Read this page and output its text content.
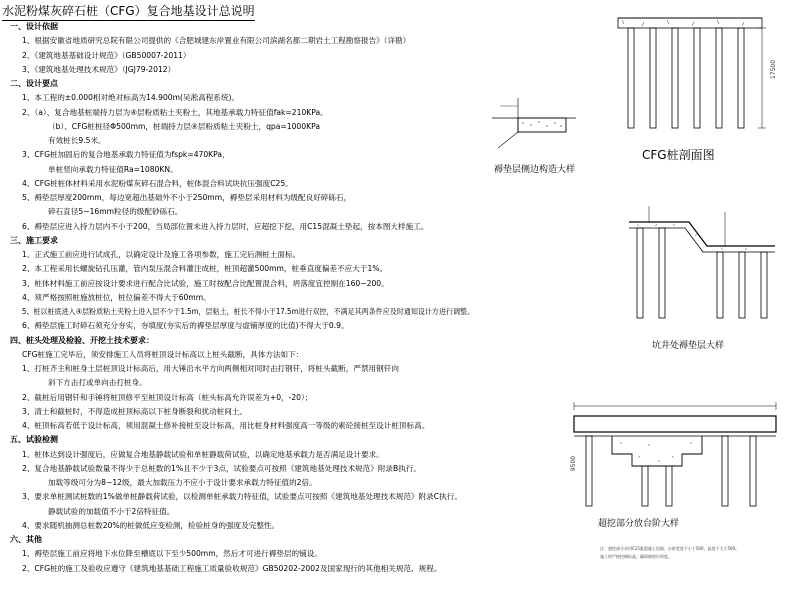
水泥粉煤灰碎石桩（CFG）复合地基设计总说明
一、设计依据
1、根据安徽省地质研究总院有限公司提供的《合肥城建东岸置业有限公司滨湖名都二期岩土工程勘察报告》（详勘）
2、《建筑地基基础设计规范》（GB50007-2011）
3、《建筑地基处理技术规范》（JGJ79-2012）
二、设计要点
1、本工程的±0.000相对绝对标高为14.900m(吴淞高程系统)。
2、（a）、复合地基桩端持力层为④层粉质粘土夹粉土，其地基承载力特征值fak=210KPa。
（b）、CFG桩桩径Φ500mm，桩端持力层④层粉质粘土夹粉土，qpa=1000KPa
有效桩长9.5米。
3、CFG桩加固后的复合地基承载力特征值为fspk=470KPa，
单桩竖向承载力特征值Ra=1080KN。
4、CFG桩桩体材料采用水泥粉煤灰碎石混合料，桩体混合料试块抗压强度C25。
5、褥垫层厚度200mm，每边宽超出基础外不小于250mm，褥垫层采用材料为级配良好碎砾石，
碎石直径5~16mm粒径的级配砂砾石。
6、褥垫层应进入持力层内不小于200，当局部位置未进入持力层时，应超挖下挖，用C15混凝土垫起，按本图大样施工。
三、施工要求
1、正式施工前应进行试成孔，以确定设计及施工各项参数，施工完后测桩土面标。
2、本工程采用长螺旋钻孔压灌，管内泵压混合料灌注成桩，桩顶超灌500mm，桩垂直度偏差不应大于1%。
3、桩体材料施工前应按设计要求进行配合比试验，施工时按配合比配置混合料，坍落度宜控制在160~200。
4、须严格按照桩施放桩位，桩位偏差不得大于60mm。
5、桩以桩底进入④层粉质粘土夹粉土进入层不少于1.5m，层粘土，桩长不得小于17.5m进行双控，不满足其两条件应及时通知设计方进行调整。
6、褥垫层施工时碎石须充分夯实，夯填度(夯实后的褥垫层厚度与虚铺厚度的比值)不得大于0.9。
四、桩头处理及检验、开挖土技术要求：
CFG桩施工完毕后，须安排施工人员将桩顶设计标高以上桩头截断，具体方法如下：
1、打桩齐主和桩身土层桩顶设计标高后，用大锤沿水平方向两侧相对同时击打钢钎，将桩头截断，严禁用钢钎向
斜下方击打或单向击打桩身。
2、截桩后用钢钎和手锤将桩顶修平至桩顶设计标高（桩头标高允许误差为+0，-20）；
3、清土和截桩时，不得造成桩顶标高以下桩身断裂和扰动桩间土。
4、桩顶标高若低于设计标高，须用混凝土修补接桩至设计标高，用比桩身材料强度高一等级的素砼接桩至设计桩顶标高。
五、试验检测
1、桩体达到设计强度后，应做复合地基静载试验和单桩静载荷试验，以确定地基承载力是否满足设计要求。
2、复合地基静载试验数量不得少于总桩数的1%且不少于3点，试验要点可按照《建筑地基处理技术规范》附录B执行。
加载等级可分为8~12级，最大加载压力不应小于设计要求承载力特征值的2倍。
3、要求单桩测试桩数的1%做单桩静载荷试验，以检测单桩承载力特征值，试验要点可按照《建筑地基处理技术规范》附录C执行。
静载试验的加载值不小于2倍特征值。
4、要求随机抽测总桩数20%的桩做低应变检测，检验桩身的强度及完整性。
六、其他
1、褥垫层施工前应将地下水位降至槽底以下至少500mm，然后才可进行褥垫层的铺设。
2、CFG桩的施工及验收应遵守《建筑地基基础工程施工质量验收规范》GB50202-2002及国家现行的其他相关规范、规程。
褥垫层侧边构造大样
17500
CFG桩剖面图
坑井处褥垫层大样
超挖部分放台阶大样
注：超挖部分采用C15素混凝土回填，台阶宽度不小于500，高度不大于500。
施工时严格控制标高，确保褥垫层厚度。
9500
